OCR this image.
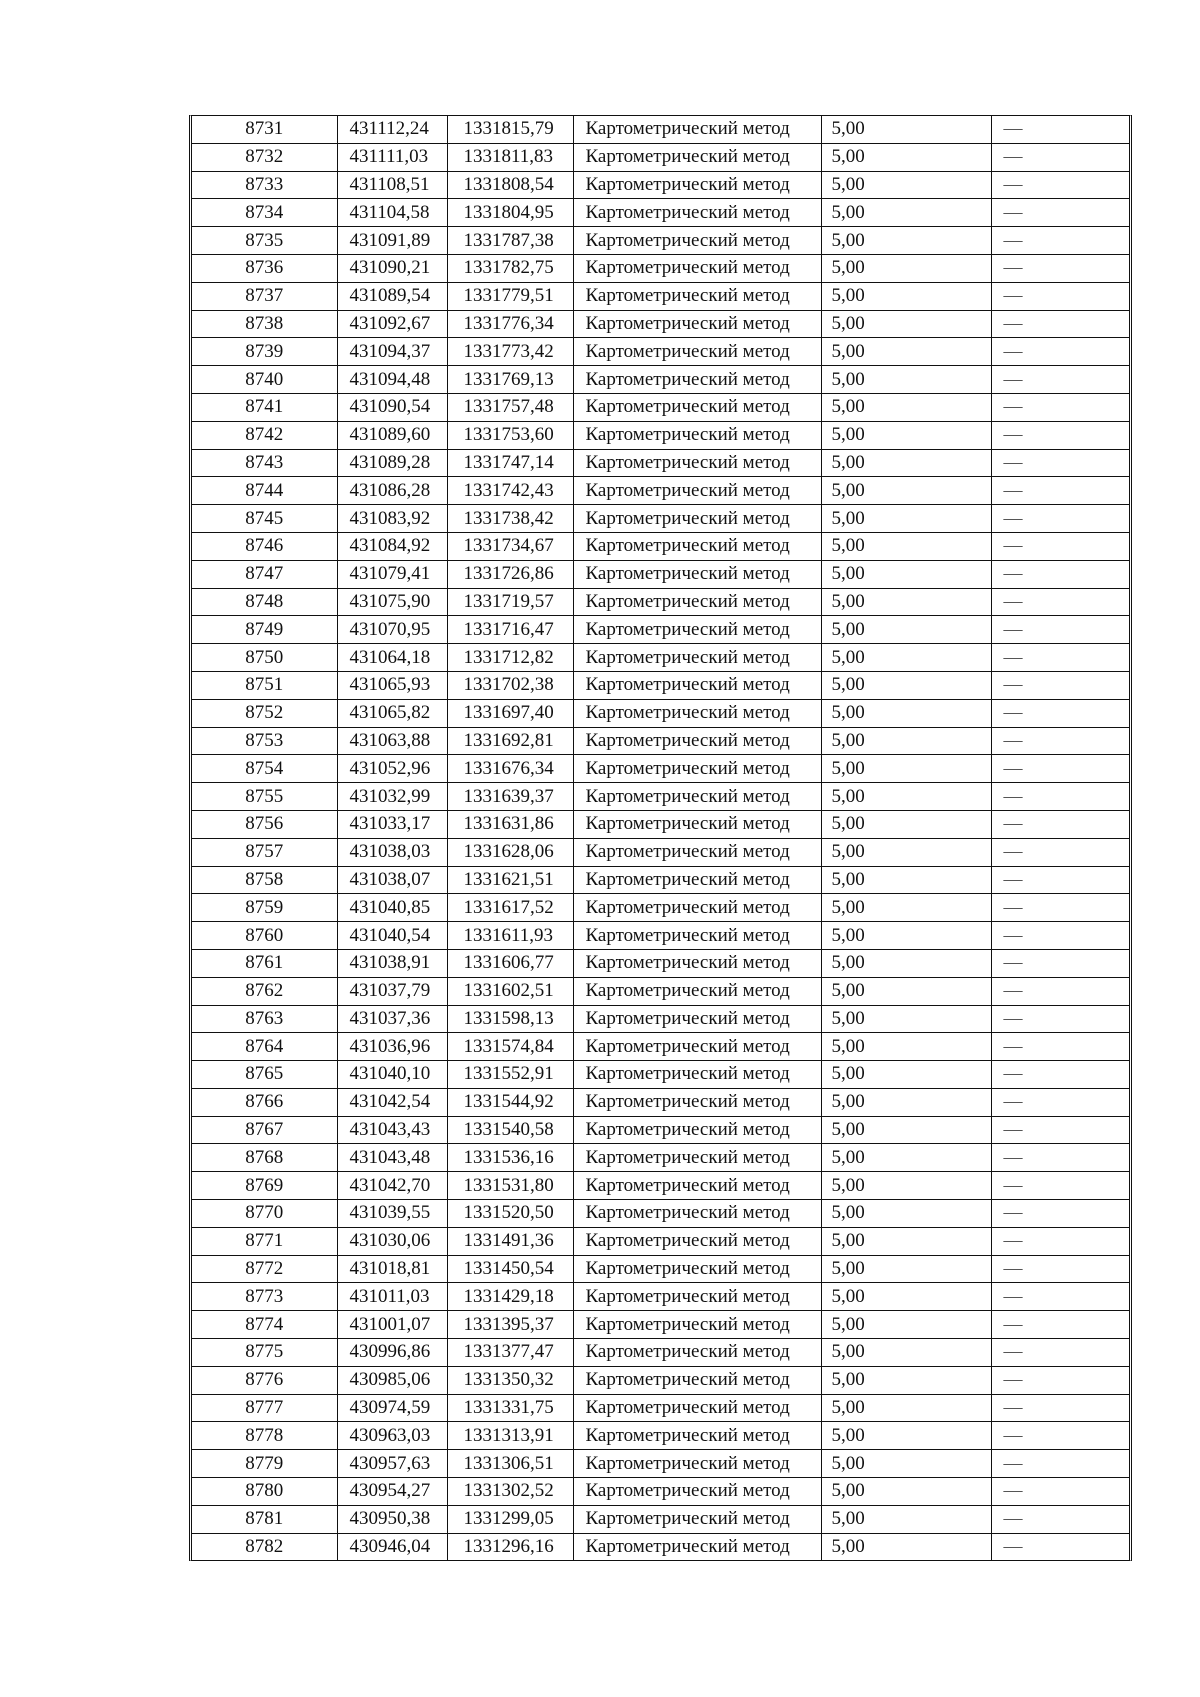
8731	431112,24	1331815,79	Картометрический метод	5,00	—
8732	431111,03	1331811,83	Картометрический метод	5,00	—
8733	431108,51	1331808,54	Картометрический метод	5,00	—
8734	431104,58	1331804,95	Картометрический метод	5,00	—
8735	431091,89	1331787,38	Картометрический метод	5,00	—
8736	431090,21	1331782,75	Картометрический метод	5,00	—
8737	431089,54	1331779,51	Картометрический метод	5,00	—
8738	431092,67	1331776,34	Картометрический метод	5,00	—
8739	431094,37	1331773,42	Картометрический метод	5,00	—
8740	431094,48	1331769,13	Картометрический метод	5,00	—
8741	431090,54	1331757,48	Картометрический метод	5,00	—
8742	431089,60	1331753,60	Картометрический метод	5,00	—
8743	431089,28	1331747,14	Картометрический метод	5,00	—
8744	431086,28	1331742,43	Картометрический метод	5,00	—
8745	431083,92	1331738,42	Картометрический метод	5,00	—
8746	431084,92	1331734,67	Картометрический метод	5,00	—
8747	431079,41	1331726,86	Картометрический метод	5,00	—
8748	431075,90	1331719,57	Картометрический метод	5,00	—
8749	431070,95	1331716,47	Картометрический метод	5,00	—
8750	431064,18	1331712,82	Картометрический метод	5,00	—
8751	431065,93	1331702,38	Картометрический метод	5,00	—
8752	431065,82	1331697,40	Картометрический метод	5,00	—
8753	431063,88	1331692,81	Картометрический метод	5,00	—
8754	431052,96	1331676,34	Картометрический метод	5,00	—
8755	431032,99	1331639,37	Картометрический метод	5,00	—
8756	431033,17	1331631,86	Картометрический метод	5,00	—
8757	431038,03	1331628,06	Картометрический метод	5,00	—
8758	431038,07	1331621,51	Картометрический метод	5,00	—
8759	431040,85	1331617,52	Картометрический метод	5,00	—
8760	431040,54	1331611,93	Картометрический метод	5,00	—
8761	431038,91	1331606,77	Картометрический метод	5,00	—
8762	431037,79	1331602,51	Картометрический метод	5,00	—
8763	431037,36	1331598,13	Картометрический метод	5,00	—
8764	431036,96	1331574,84	Картометрический метод	5,00	—
8765	431040,10	1331552,91	Картометрический метод	5,00	—
8766	431042,54	1331544,92	Картометрический метод	5,00	—
8767	431043,43	1331540,58	Картометрический метод	5,00	—
8768	431043,48	1331536,16	Картометрический метод	5,00	—
8769	431042,70	1331531,80	Картометрический метод	5,00	—
8770	431039,55	1331520,50	Картометрический метод	5,00	—
8771	431030,06	1331491,36	Картометрический метод	5,00	—
8772	431018,81	1331450,54	Картометрический метод	5,00	—
8773	431011,03	1331429,18	Картометрический метод	5,00	—
8774	431001,07	1331395,37	Картометрический метод	5,00	—
8775	430996,86	1331377,47	Картометрический метод	5,00	—
8776	430985,06	1331350,32	Картометрический метод	5,00	—
8777	430974,59	1331331,75	Картометрический метод	5,00	—
8778	430963,03	1331313,91	Картометрический метод	5,00	—
8779	430957,63	1331306,51	Картометрический метод	5,00	—
8780	430954,27	1331302,52	Картометрический метод	5,00	—
8781	430950,38	1331299,05	Картометрический метод	5,00	—
8782	430946,04	1331296,16	Картометрический метод	5,00	—
